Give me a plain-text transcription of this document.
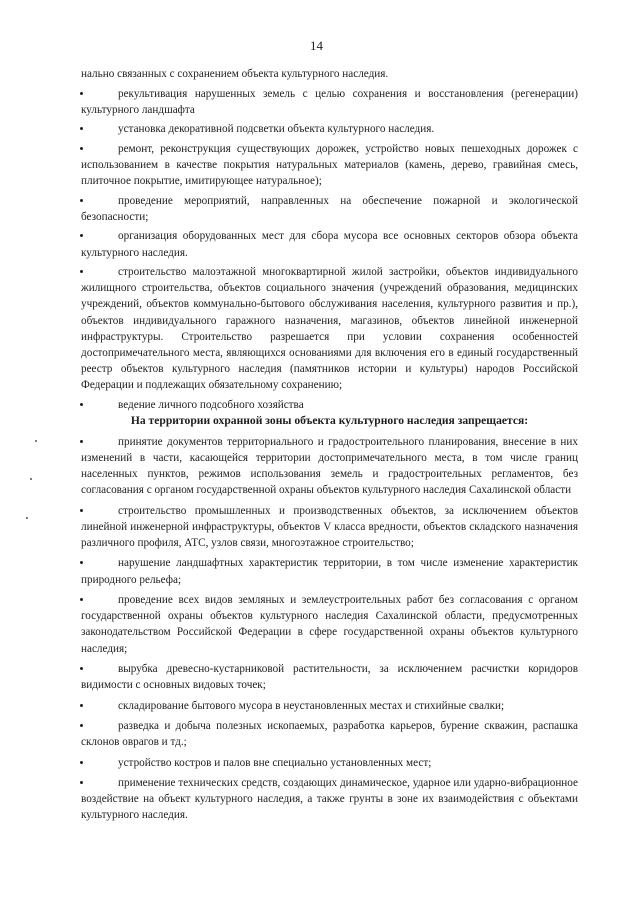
14

нально связанных с сохранением объекта культурного наследия.

рекультивация нарушенных земель с целью сохранения и восстановления (регенерации) культурного ландшафта

установка декоративной подсветки объекта культурного наследия.

ремонт, реконструкция существующих дорожек, устройство новых пешеходных дорожек с использованием в качестве покрытия натуральных материалов (камень, дерево, гравийная смесь, плиточное покрытие, имитирующее натуральное);

проведение мероприятий, направленных на обеспечение пожарной и экологической безопасности;

организация оборудованных мест для сбора мусора все основных секторов обзора объекта культурного наследия.

строительство малоэтажной многоквартирной жилой застройки, объектов индивидуального жилищного строительства, объектов социального значения (учреждений образования, медицинских учреждений, объектов коммунально-бытового обслуживания населения, культурного развития и пр.), объектов индивидуального гаражного назначения, магазинов, объектов линейной инженерной инфраструктуры. Строительство разрешается при условии сохранения особенностей достопримечательного места, являющихся основаниями для включения его в единый государственный реестр объектов культурного наследия (памятников истории и культуры) народов Российской Федерации и подлежащих обязательному сохранению;

ведение личного подсобного хозяйства

На территории охранной зоны объекта культурного наследия запрещается:

принятие документов территориального и градостроительного планирования, внесение в них изменений в части, касающейся территории достопримечательного места, в том числе границ населенных пунктов, режимов использования земель и градостроительных регламентов, без согласования с органом государственной охраны объектов культурного наследия Сахалинской области

строительство промышленных и производственных объектов, за исключением объектов линейной инженерной инфраструктуры, объектов V класса вредности, объектов складского назначения различного профиля, АТС, узлов связи, многоэтажное строительство;

нарушение ландшафтных характеристик территории, в том числе изменение характеристик природного рельефа;

проведение всех видов земляных и землеустроительных работ без согласования с органом государственной охраны объектов культурного наследия Сахалинской области, предусмотренных законодательством Российской Федерации в сфере государственной охраны объектов культурного наследия;

вырубка древесно-кустарниковой растительности, за исключением расчистки коридоров видимости с основных видовых точек;

складирование бытового мусора в неустановленных местах и стихийные свалки;

разведка и добыча полезных ископаемых, разработка карьеров, бурение скважин, распашка склонов оврагов и тд.;

устройство костров и палов вне специально установленных мест;

применение технических средств, создающих динамическое, ударное или ударно-вибрационное воздействие на объект культурного наследия, а также грунты в зоне их взаимодействия с объектами культурного наследия.
